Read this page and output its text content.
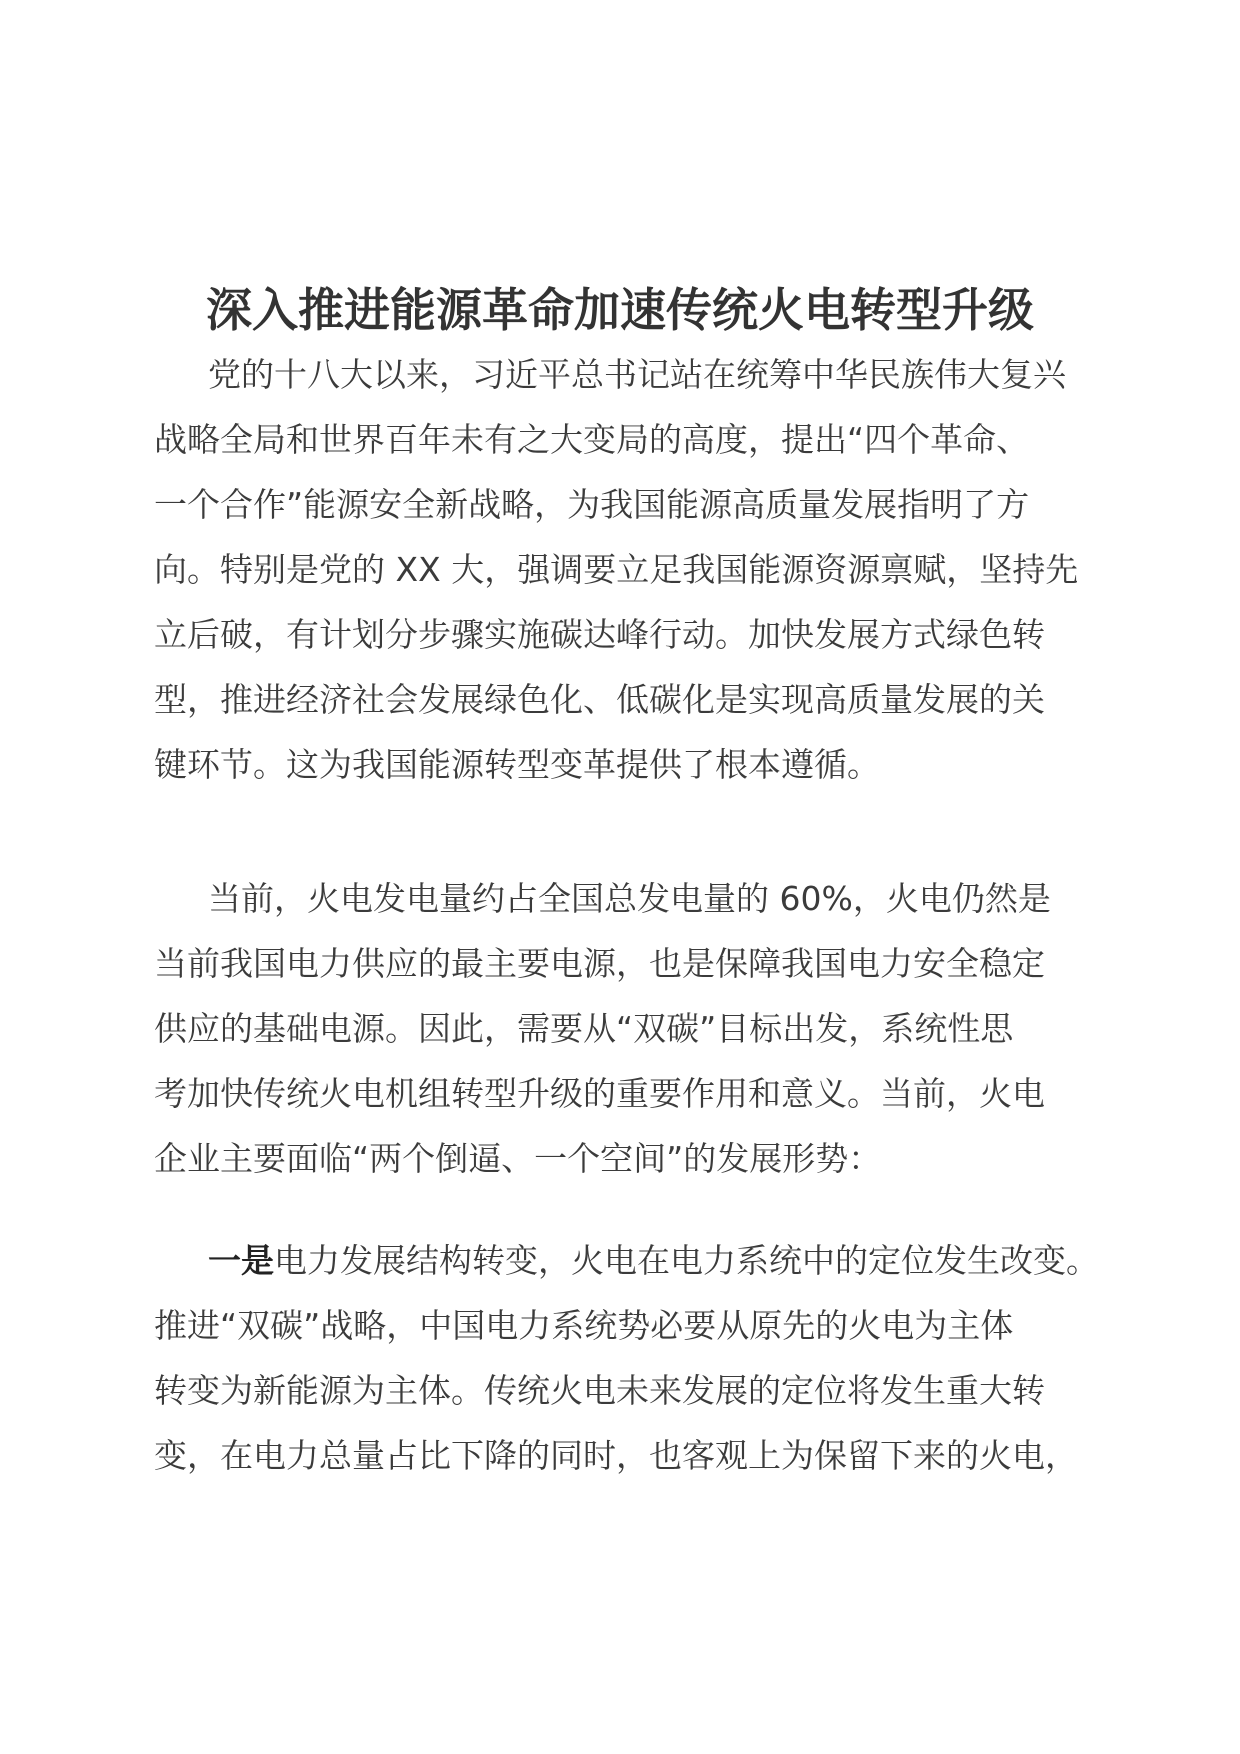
深入推进能源革命加速传统火电转型升级
党的十八大以来，习近平总书记站在统筹中华民族伟大复兴
战略全局和世界百年未有之大变局的高度，提出“四个革命、
一个合作”能源安全新战略，为我国能源高质量发展指明了方
向。特别是党的 XX 大，强调要立足我国能源资源禀赋，坚持先
立后破，有计划分步骤实施碳达峰行动。加快发展方式绿色转
型，推进经济社会发展绿色化、低碳化是实现高质量发展的关
键环节。这为我国能源转型变革提供了根本遵循。
当前，火电发电量约占全国总发电量的 60%，火电仍然是
当前我国电力供应的最主要电源，也是保障我国电力安全稳定
供应的基础电源。因此，需要从“双碳”目标出发，系统性思
考加快传统火电机组转型升级的重要作用和意义。当前，火电
企业主要面临“两个倒逼、一个空间”的发展形势：
一是电力发展结构转变，火电在电力系统中的定位发生改变。
推进“双碳”战略，中国电力系统势必要从原先的火电为主体
转变为新能源为主体。传统火电未来发展的定位将发生重大转
变，在电力总量占比下降的同时，也客观上为保留下来的火电，
